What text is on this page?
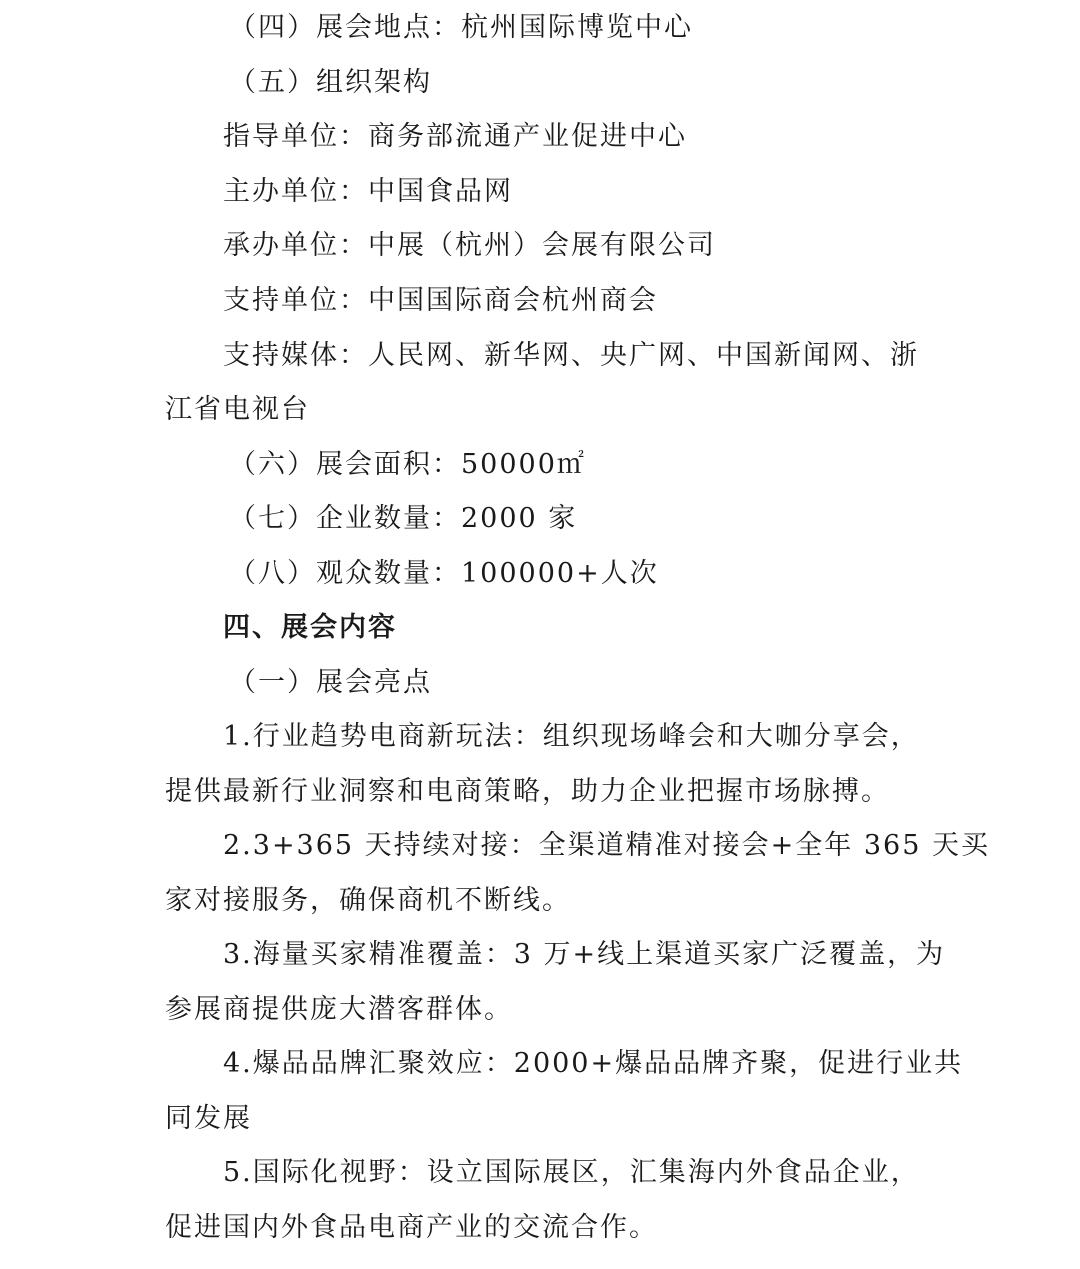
（四）展会地点：杭州国际博览中心
（五）组织架构
指导单位：商务部流通产业促进中心
主办单位：中国食品网
承办单位：中展（杭州）会展有限公司
支持单位：中国国际商会杭州商会
支持媒体：人民网、新华网、央广网、中国新闻网、浙
江省电视台
（六）展会面积：50000㎡
（七）企业数量：2000 家
（八）观众数量：100000+人次
四、展会内容
（一）展会亮点
1.行业趋势电商新玩法：组织现场峰会和大咖分享会，
提供最新行业洞察和电商策略，助力企业把握市场脉搏。
2.3+365 天持续对接：全渠道精准对接会+全年 365 天买
家对接服务，确保商机不断线。
3.海量买家精准覆盖：3 万+线上渠道买家广泛覆盖，为
参展商提供庞大潜客群体。
4.爆品品牌汇聚效应：2000+爆品品牌齐聚，促进行业共
同发展
5.国际化视野：设立国际展区，汇集海内外食品企业，
促进国内外食品电商产业的交流合作。
